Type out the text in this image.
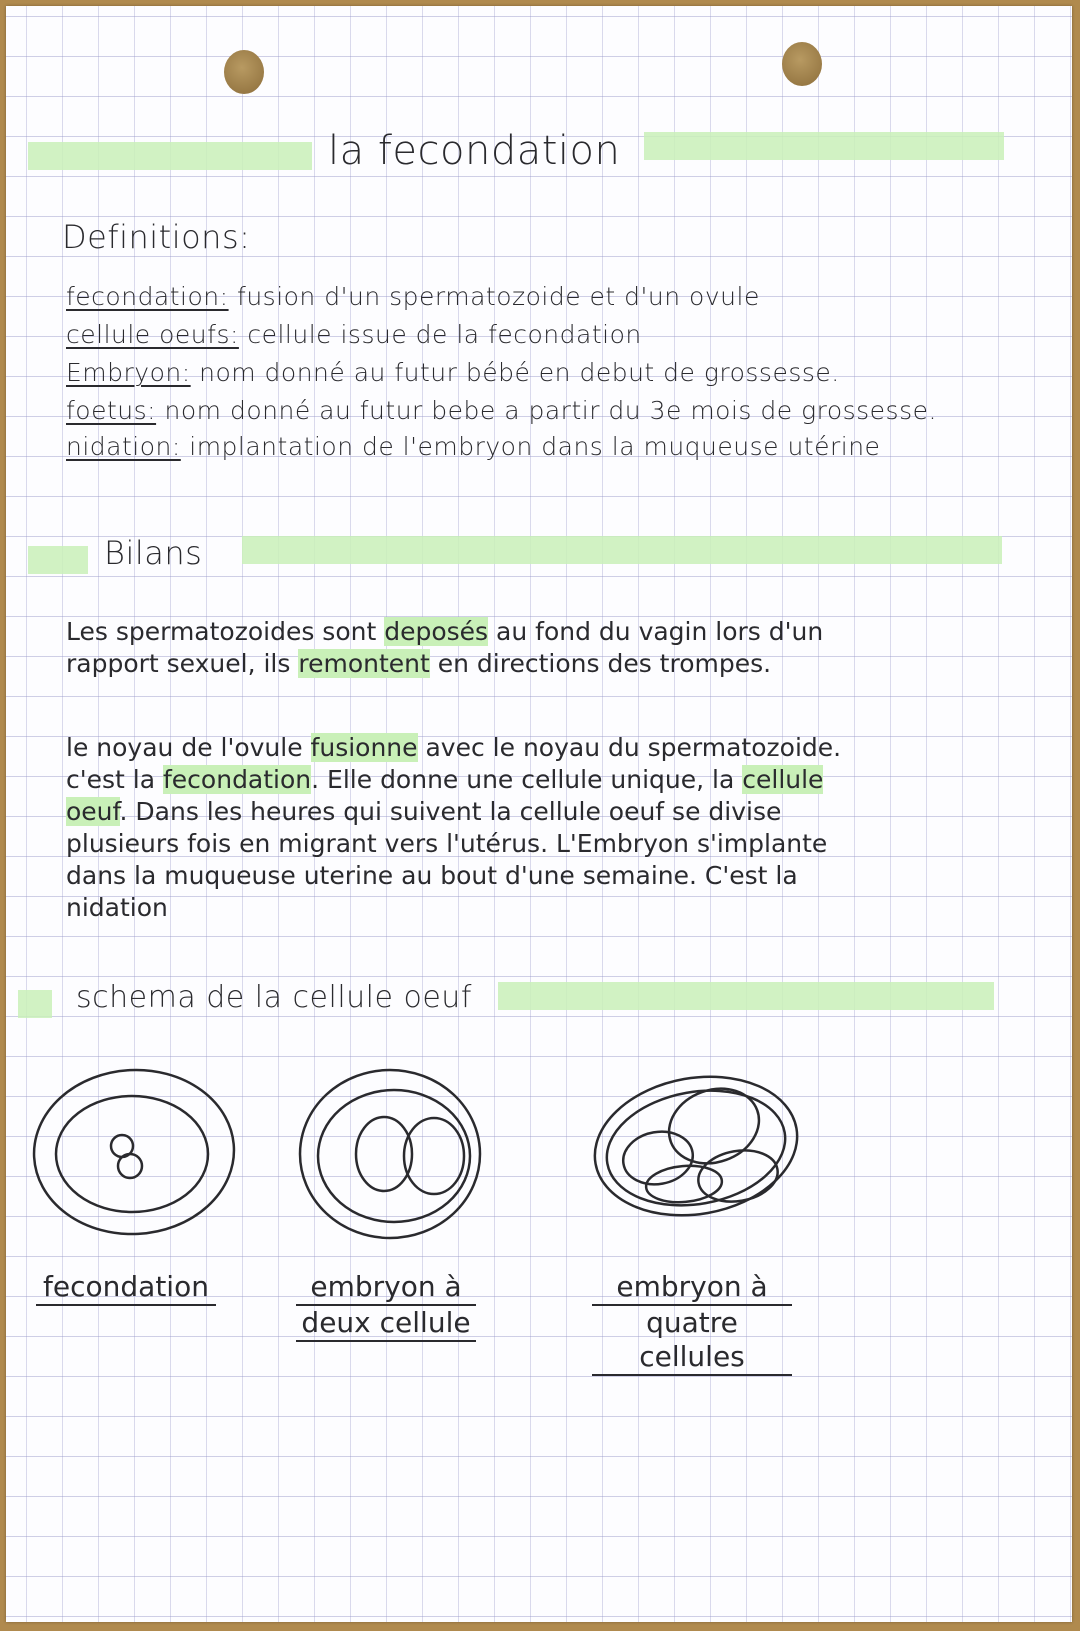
la fecondation
Definitions:
fecondation: fusion d'un spermatozoide et d'un ovule
cellule oeufs: cellule issue de la fecondation
Embryon: nom donné au futur bébé en debut de grossesse.
foetus: nom donné au futur bebe a partir du 3e mois de grossesse.
nidation: implantation de l'embryon dans la muqueuse utérine
Bilans

Les spermatozoides sont deposés au fond du vagin lors d'un

rapport sexuel, ils remontent en directions des trompes.

le noyau de l'ovule fusionne avec le noyau du spermatozoide.

c'est la fecondation. Elle donne une cellule unique, la cellule

oeuf. Dans les heures qui suivent la cellule oeuf se divise

plusieurs fois en migrant vers l'utérus. L'Embryon s'implante

dans la muqueuse uterine au bout d'une semaine. C'est la

nidation

schema de la cellule oeuf
fecondation	embryon à
deux cellule
embryon à
quatre cellules
